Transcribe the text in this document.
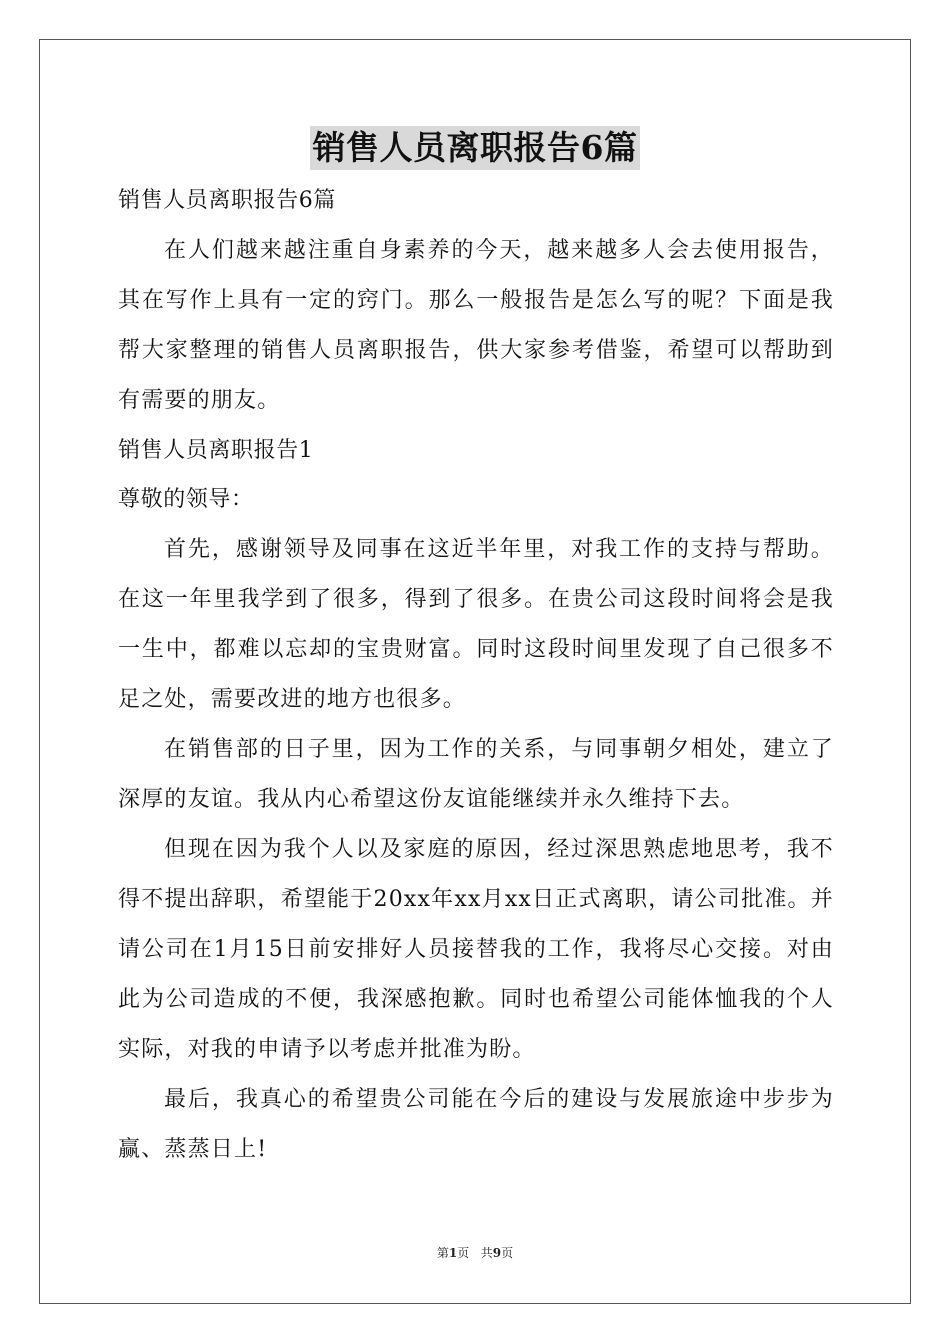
销售人员离职报告6篇
销售人员离职报告6篇
在人们越来越注重自身素养的今天，越来越多人会去使用报告，其在写作上具有一定的窍门。那么一般报告是怎么写的呢？下面是我帮大家整理的销售人员离职报告，供大家参考借鉴，希望可以帮助到有需要的朋友。
销售人员离职报告1
尊敬的领导：
首先，感谢领导及同事在这近半年里，对我工作的支持与帮助。在这一年里我学到了很多，得到了很多。在贵公司这段时间将会是我一生中，都难以忘却的宝贵财富。同时这段时间里发现了自己很多不足之处，需要改进的地方也很多。
在销售部的日子里，因为工作的关系，与同事朝夕相处，建立了深厚的友谊。我从内心希望这份友谊能继续并永久维持下去。
但现在因为我个人以及家庭的原因，经过深思熟虑地思考，我不得不提出辞职，希望能于20xx年xx月xx日正式离职，请公司批准。并请公司在1月15日前安排好人员接替我的工作，我将尽心交接。对由此为公司造成的不便，我深感抱歉。同时也希望公司能体恤我的个人实际，对我的申请予以考虑并批准为盼。
最后，我真心的希望贵公司能在今后的建设与发展旅途中步步为赢、蒸蒸日上!
第1页 共9页
